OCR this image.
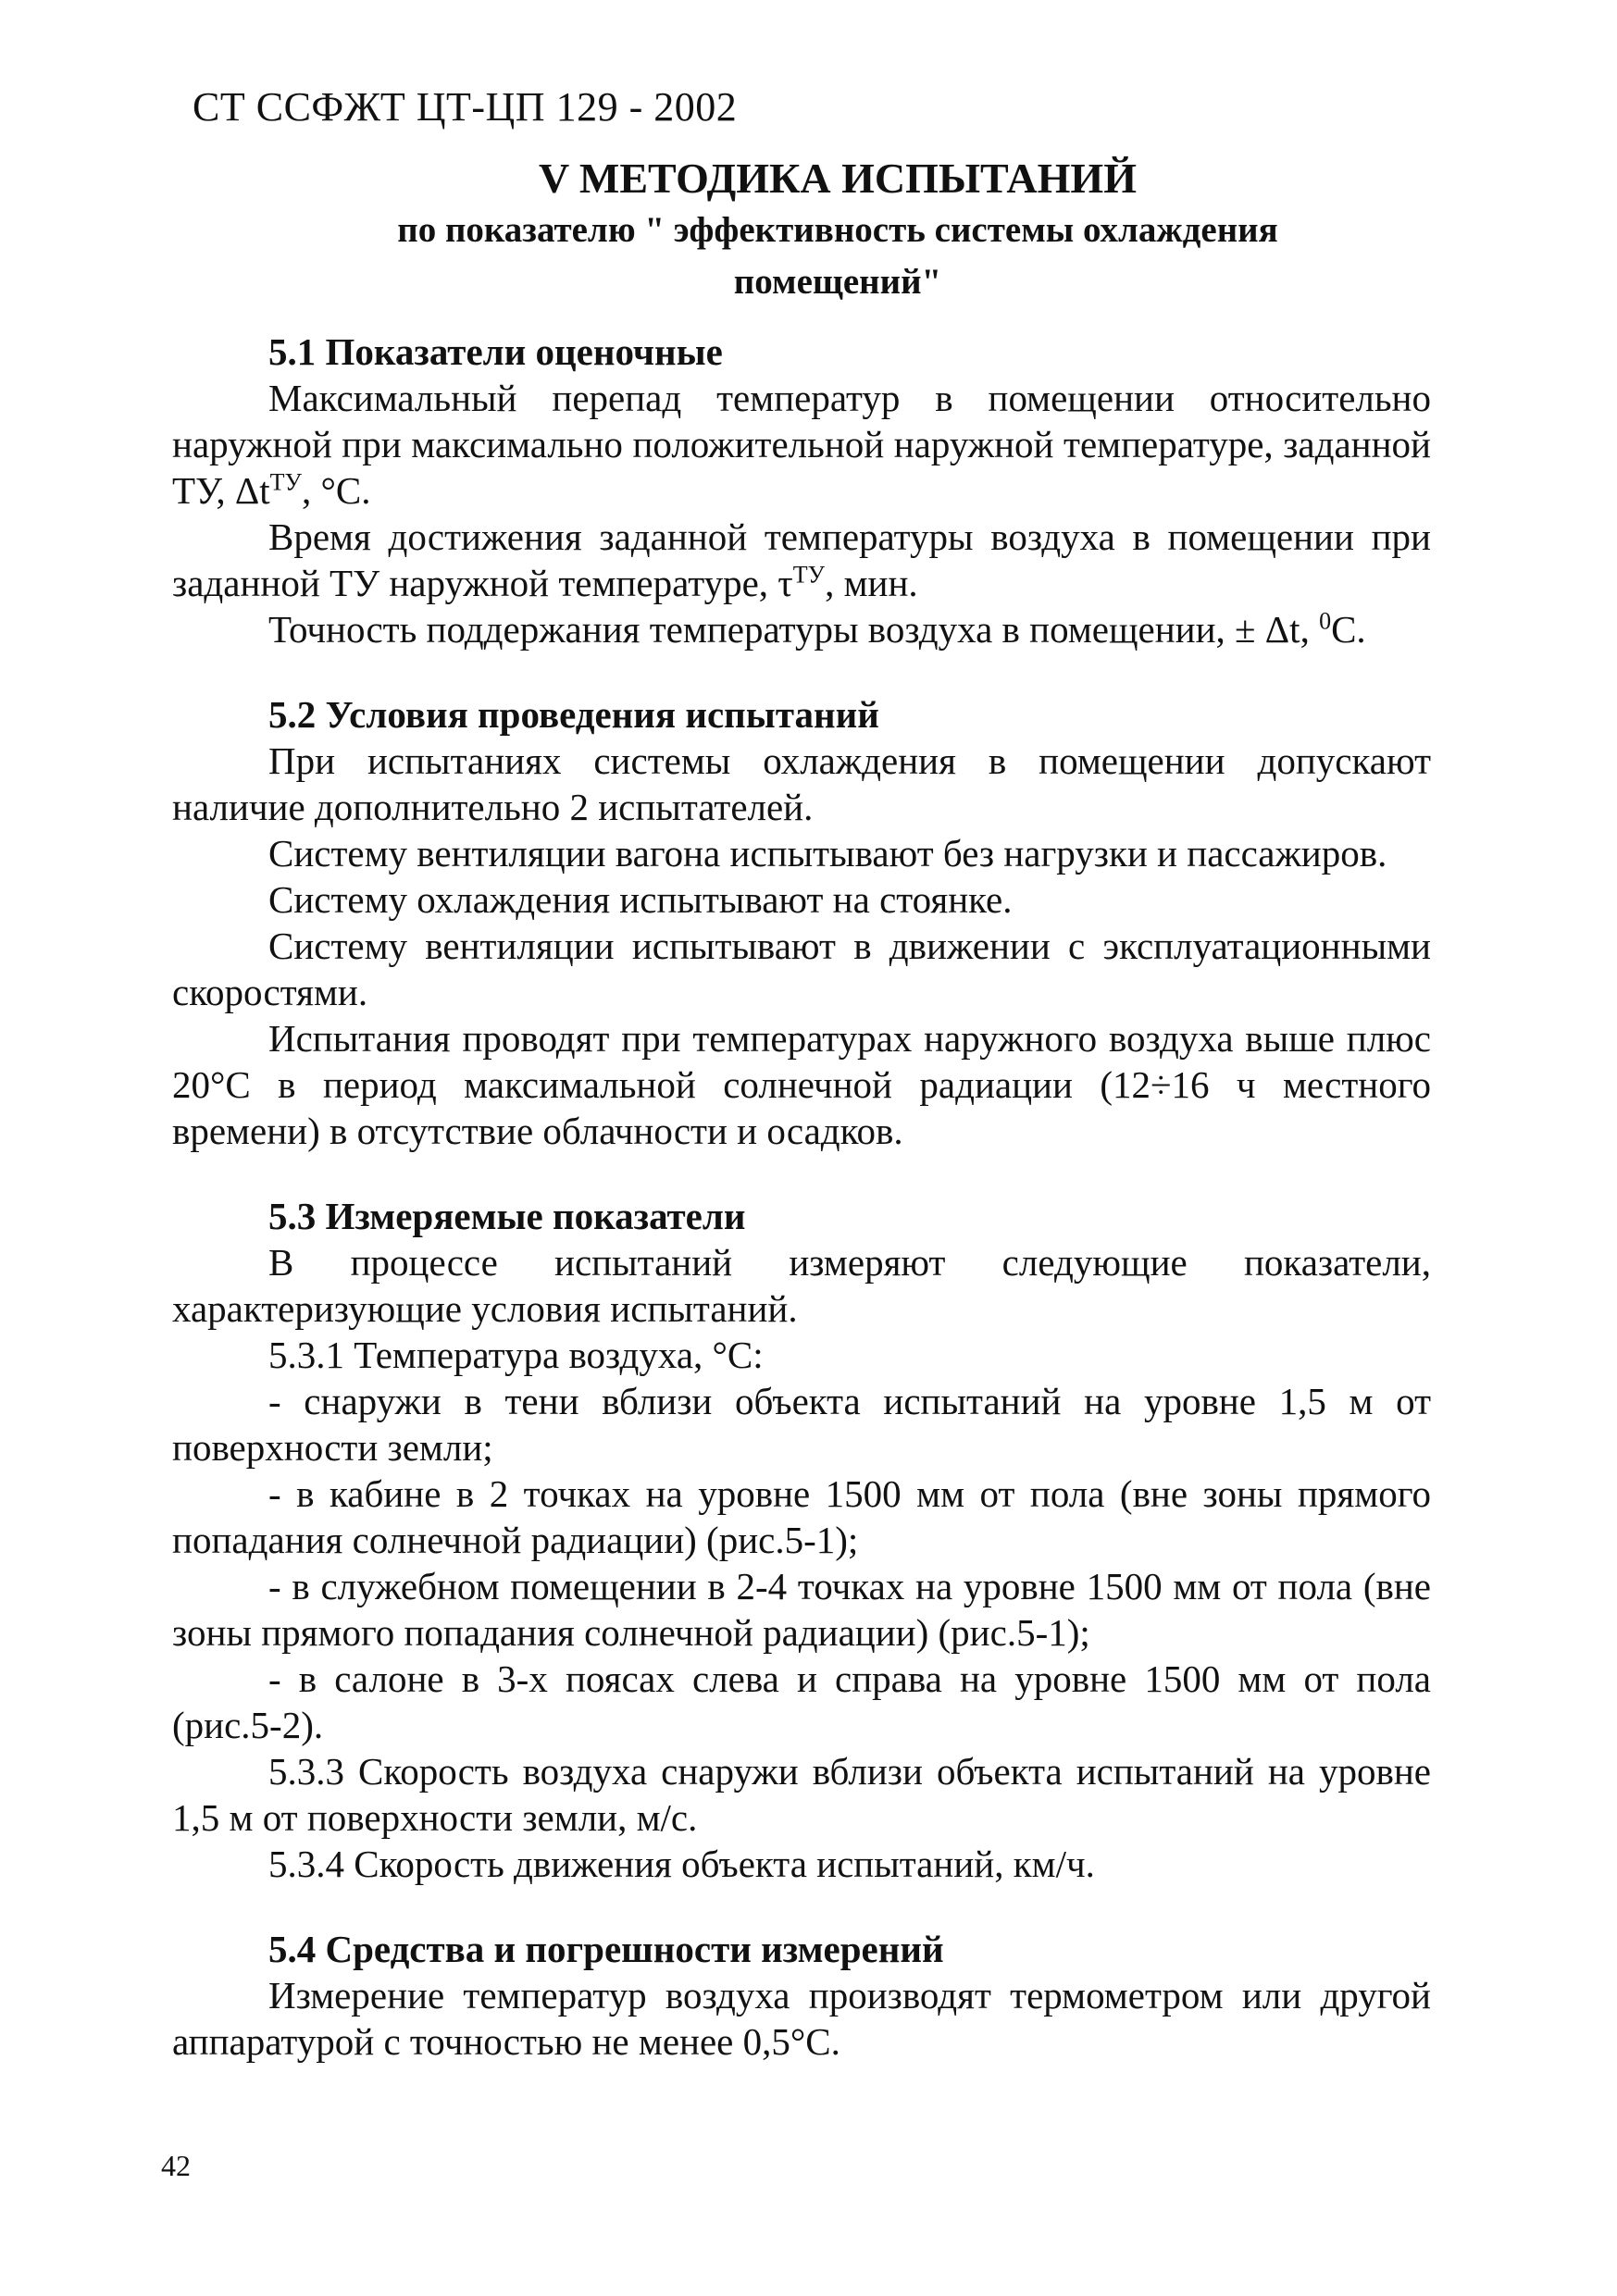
СТ ССФЖТ ЦТ-ЦП 129 - 2002
V МЕТОДИКА ИСПЫТАНИЙ
по показателю " эффективность системы охлаждения
помещений"

5.1 Показатели оценочные

Максимальный перепад температур в помещении относительно наружной при максимально положительной наружной температуре, заданной ТУ, $\Delta t^{ТУ}$, °С.

Время достижения заданной температуры воздуха в помещении при заданной ТУ наружной температуре, $\tau^{ТУ}$, мин.

Точность поддержания температуры воздуха в помещении, ± Δt, $^0$С.

5.2 Условия проведения испытаний

При испытаниях системы охлаждения в помещении допускают наличие дополнительно 2 испытателей.

Систему вентиляции вагона испытывают без нагрузки и пассажиров.

Систему охлаждения испытывают на стоянке.

Систему вентиляции испытывают в движении с эксплуатационными скоростями.

Испытания проводят при температурах наружного воздуха выше плюс 20°С в период максимальной солнечной радиации (12÷16 ч местного времени) в отсутствие облачности и осадков.

5.3 Измеряемые показатели

В процессе испытаний измеряют следующие показатели, характеризующие условия испытаний.

5.3.1 Температура воздуха, °С:

- снаружи в тени вблизи объекта испытаний на уровне 1,5 м от поверхности земли;

- в кабине в 2 точках на уровне 1500 мм от пола (вне зоны прямого попадания солнечной радиации) (рис.5-1);

- в служебном помещении в 2-4 точках на уровне 1500 мм от пола (вне зоны прямого попадания солнечной радиации) (рис.5-1);

- в салоне в 3-х поясах слева и справа на уровне 1500 мм от пола (рис.5-2).

5.3.3 Скорость воздуха снаружи вблизи объекта испытаний на уровне 1,5 м от поверхности земли, м/с.

5.3.4 Скорость движения объекта испытаний, км/ч.

5.4 Средства и погрешности измерений

Измерение температур воздуха производят термометром или другой аппаратурой с точностью не менее 0,5°С.

42
